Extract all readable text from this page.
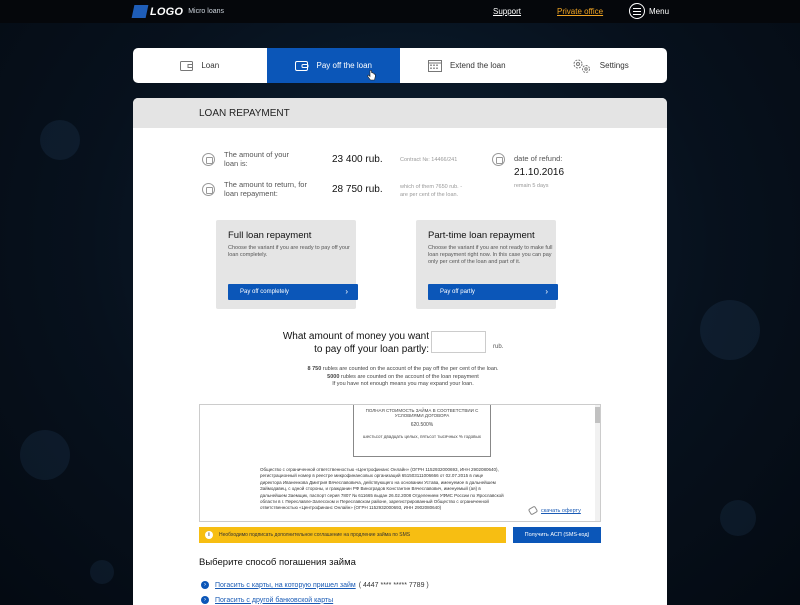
LOGO Micro loans	Support	Private office	Menu
Loan	Pay off the loan	Extend the loan	Settings
LOAN REPAYMENT
The amount of your loan is:	23 400 rub.	Contract №: 14466/241
The amount to return, for loan repayment:	28 750 rub.	which of them 7650 rub. - are per cent of the loan.
date of refund:
21.10.2016
remain 5 days
Full loan repayment

Choose the variant if you are ready to pay off your loan completely.

Pay off completely	›
Part-time loan repayment

Choose the variant if you are not ready to make full loan repayment right now. In this case you can pay only per cent of the loan and part of it.

Pay off partly	›
What amount of money you want to pay off your loan partly:	rub.
8 750 rubles are counted on the account of the pay off the per cent of the loan.
5000 rubles are counted on the account of the loan repayment
If you have not enough means you may expand your loan.
ПОЛНАЯ СТОИМОСТЬ ЗАЙМА В СООТВЕТСТВИИ С
УСЛОВИЯМИ ДОГОВОРА
620.500%
шестьсот двадцать целых, пятьсот тысячных % годовых
Общество с ограниченной ответственностью «Центрофинанс Онлайн» (ОГРН 1152932000693, ИНН 2902080640), регистрационный номер в реестре микрофинансовых организаций 651503111006666 от 02.07.2015 в лице директора Иваненкова Дмитрия Вячеславовича, действующего на основании Устава, именуемое в дальнейшем Займодавец, с одной стороны, и гражданин РФ Виноградов Константин Вячеславович, именуемый (ая) в дальнейшем Заемщик, паспорт серия 7807 № 611665 выдан 26.02.2008 Отделением УФМС России по Ярославской области в г. Переславле-Залесском и Переславском районе, зарегистрированный Общество с ограниченной ответственностью «Центрофинанс Онлайн» (ОГРН 1152932000693, ИНН 2902080640)
скачать оферту
i	Необходимо подписать дополнительное соглашение на продление займа по SMS	Получить АСП (SMS-код)
Выберите способ погашения займа
›	Погасить с карты, на которую пришел займ ( 4447 **** ***** 7789 )
›	Погасить с другой банковской карты
